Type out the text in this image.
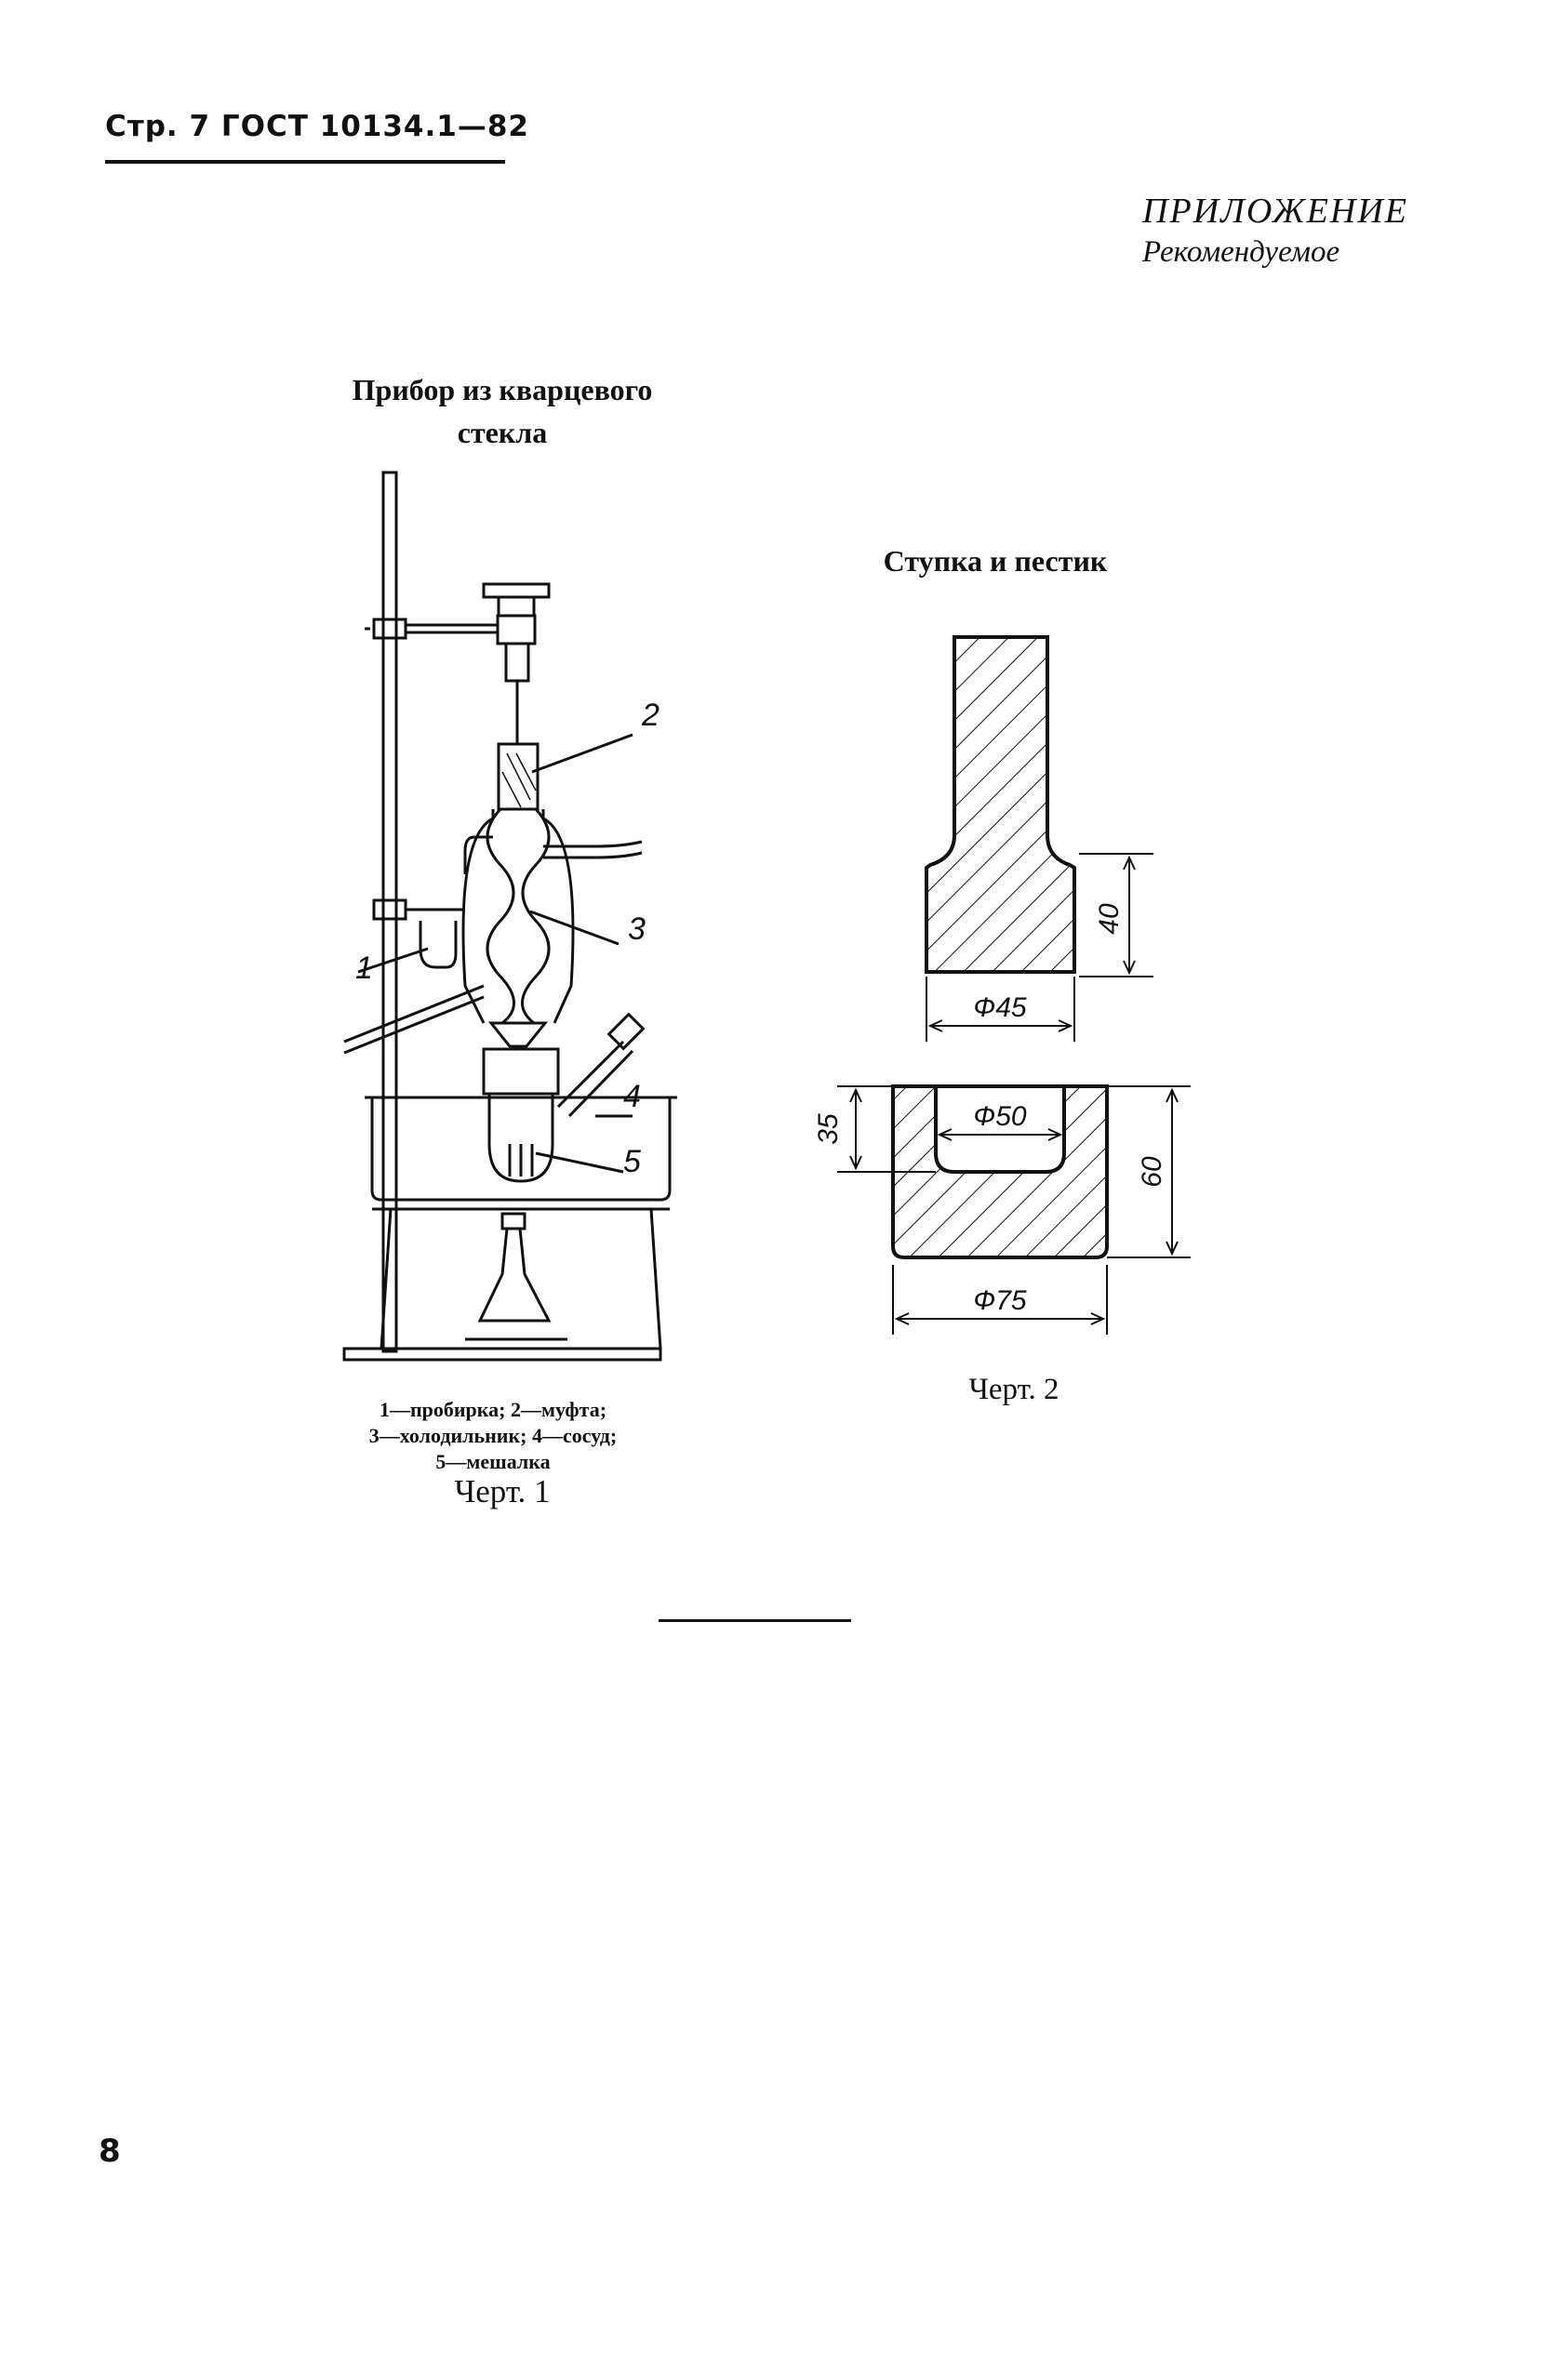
Стр. 7 ГОСТ 10134.1—82
ПРИЛОЖЕНИЕ
Рекомендуемое
Прибор из кварцевого
стекла
1
2
3
4
5
1—пробирка; 2—муфта;
3—холодильник; 4—сосуд;
5—мешалка
Черт. 1
Ступка и пестик
40
Ф45
Ф50
35
60
Ф75
Черт. 2
8
